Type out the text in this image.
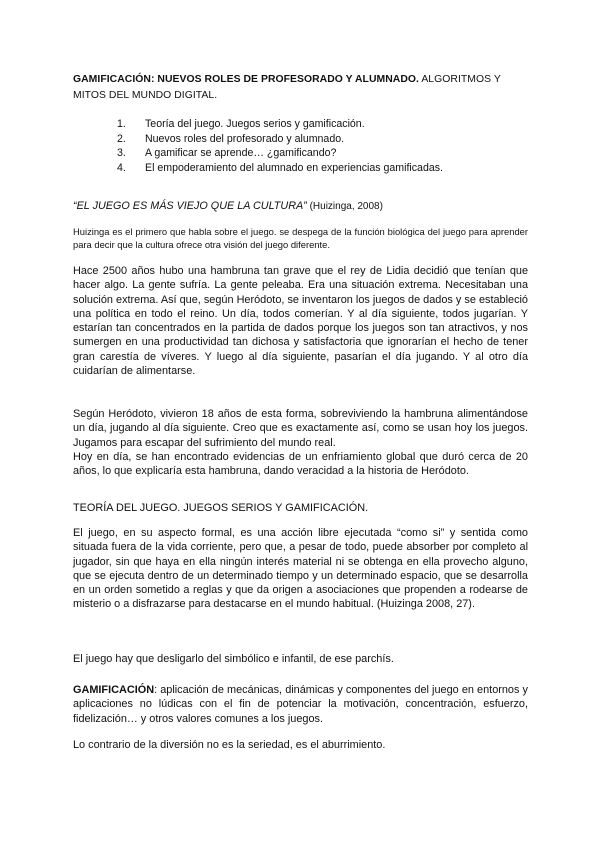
GAMIFICACIÓN: NUEVOS ROLES DE PROFESORADO Y ALUMNADO. ALGORITMOS Y MITOS DEL MUNDO DIGITAL.
1.	Teoría del juego. Juegos serios y gamificación.
2.	Nuevos roles del profesorado y alumnado.
3.	A gamificar se aprende… ¿gamificando?
4.	El empoderamiento del alumnado en experiencias gamificadas.
“EL JUEGO ES MÁS VIEJO QUE LA CULTURA” (Huizinga, 2008)
Huizinga es el primero que habla sobre el juego. se despega de la función biológica del juego para aprender para decir que la cultura ofrece otra visión del juego diferente.
Hace 2500 años hubo una hambruna tan grave que el rey de Lidia decidió que tenían que hacer algo. La gente sufría. La gente peleaba. Era una situación extrema. Necesitaban una solución extrema. Así que, según Heródoto, se inventaron los juegos de dados y se estableció una política en todo el reino. Un día, todos comerían. Y al día siguiente, todos jugarían. Y estarían tan concentrados en la partida de dados porque los juegos son tan atractivos, y nos sumergen en una productividad tan dichosa y satisfactoria que ignorarían el hecho de tener gran carestía de víveres. Y luego al día siguiente, pasarían el día jugando. Y al otro día cuidarían de alimentarse.
Según Heródoto, vivieron 18 años de esta forma, sobreviviendo la hambruna alimentándose un día, jugando al día siguiente. Creo que es exactamente así, como se usan hoy los juegos. Jugamos para escapar del sufrimiento del mundo real.
Hoy en día, se han encontrado evidencias de un enfriamiento global que duró cerca de 20 años, lo que explicaría esta hambruna, dando veracidad a la historia de Heródoto.
TEORÍA DEL JUEGO. JUEGOS SERIOS Y GAMIFICACIÓN.
El juego, en su aspecto formal, es una acción libre ejecutada “como si” y sentida como situada fuera de la vida corriente, pero que, a pesar de todo, puede absorber por completo al jugador, sin que haya en ella ningún interés material ni se obtenga en ella provecho alguno, que se ejecuta dentro de un determinado tiempo y un determinado espacio, que se desarrolla en un orden sometido a reglas y que da origen a asociaciones que propenden a rodearse de misterio o a disfrazarse para destacarse en el mundo habitual. (Huizinga 2008, 27).
El juego hay que desligarlo del simbólico e infantil, de ese parchís.
GAMIFICACIÓN: aplicación de mecánicas, dinámicas y componentes del juego en entornos y aplicaciones no lúdicas con el fin de potenciar la motivación, concentración, esfuerzo, fidelización… y otros valores comunes a los juegos.
Lo contrario de la diversión no es la seriedad, es el aburrimiento.
